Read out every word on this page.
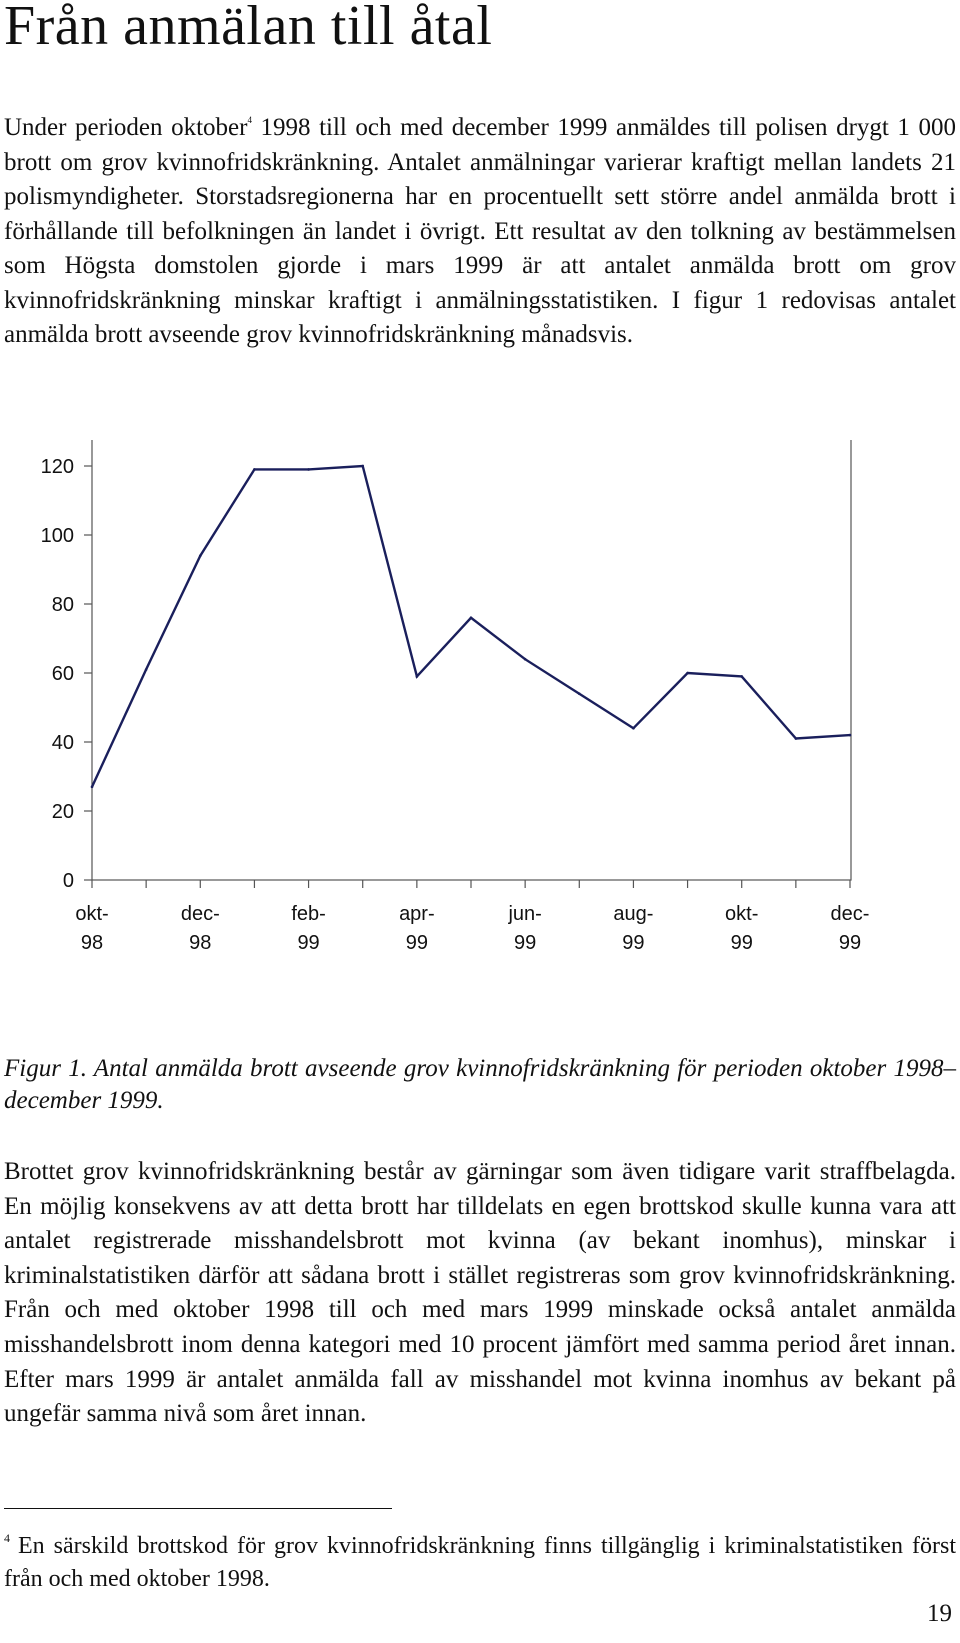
Från anmälan till åtal

Under perioden oktober$^4$ 1998 till och med december 1999 anmäldes till polisen drygt 1 000 brott om grov kvinnofridskränkning. Antalet anmälningar varierar kraftigt mellan landets 21 polismyndigheter. Storstadsregionerna har en procentuellt sett större andel anmälda brott i förhållande till befolkningen än landet i övrigt. Ett resultat av den tolkning av bestämmelsen som Högsta domstolen gjorde i mars 1999 är att antalet anmälda brott om grov kvinnofridskränkning minskar kraftigt i anmälningsstatistiken. I figur 1 redovisas antalet anmälda brott avseende grov kvinnofridskränkning månadsvis.

0
20
40
60
80
100
120
okt-
98
dec-
98
feb-
99
apr-
99
jun-
99
aug-
99
okt-
99
dec-
99

Figur 1. Antal anmälda brott avseende grov kvinnofridskränkning för perioden oktober 1998–december 1999.

Brottet grov kvinnofridskränkning består av gärningar som även tidigare varit straffbelagda. En möjlig konsekvens av att detta brott har tilldelats en egen brottskod skulle kunna vara att antalet registrerade misshandelsbrott mot kvinna (av bekant inomhus), minskar i kriminalstatistiken därför att sådana brott i stället registreras som grov kvinnofridskränkning. Från och med oktober 1998 till och med mars 1999 minskade också antalet anmälda misshandelsbrott inom denna kategori med 10 procent jämfört med samma period året innan. Efter mars 1999 är antalet anmälda fall av misshandel mot kvinna inomhus av bekant på ungefär samma nivå som året innan.

$^4$ En särskild brottskod för grov kvinnofridskränkning finns tillgänglig i kriminalstatistiken först från och med oktober 1998.

19
